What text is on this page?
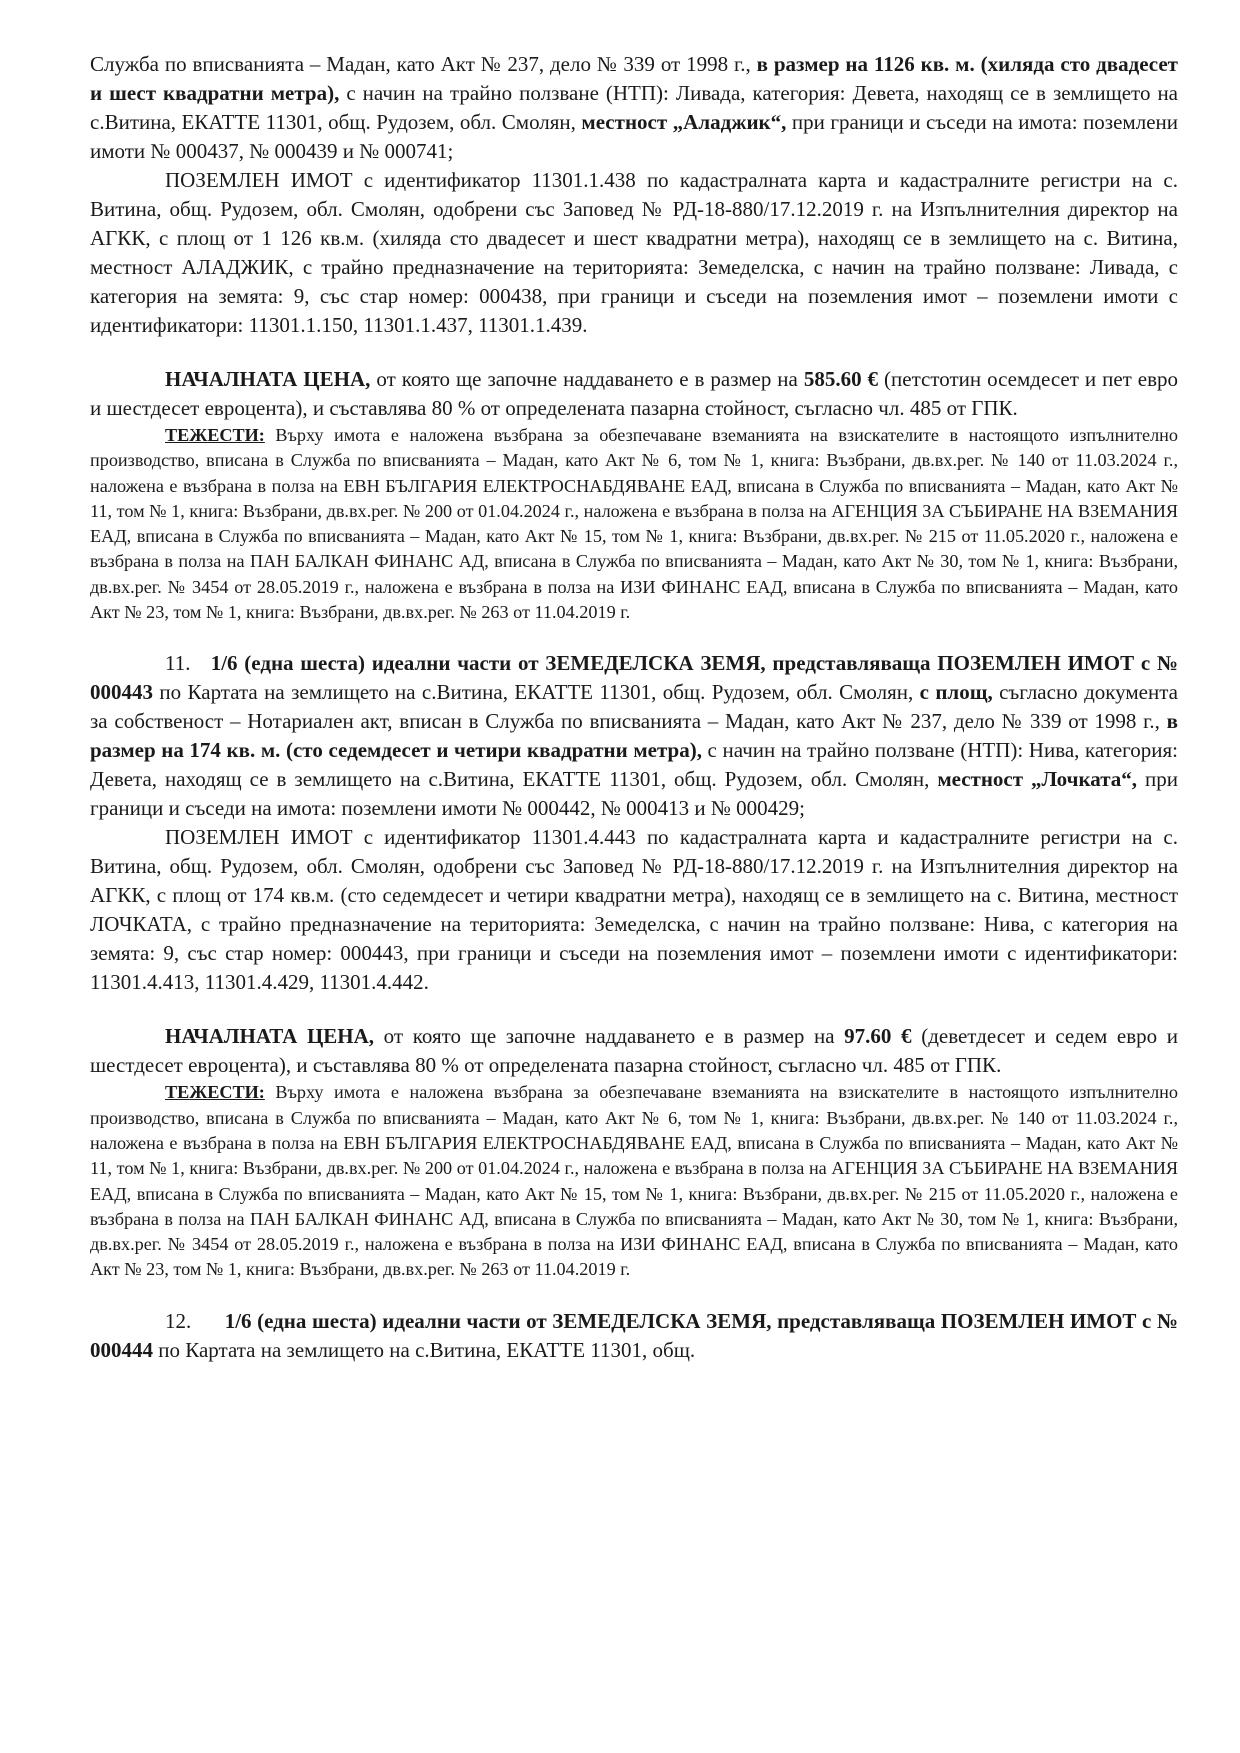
Служба по вписванията – Мадан, като Акт № 237, дело № 339 от 1998 г., в размер на 1126 кв. м. (хиляда сто двадесет и шест квадратни метра), с начин на трайно ползване (НТП): Ливада, категория: Девета, находящ се в землището на с.Витина, ЕКАТТЕ 11301, общ. Рудозем, обл. Смолян, местност „Аладжик“, при граници и съседи на имота: поземлени имоти № 000437, № 000439 и № 000741;

ПОЗЕМЛЕН ИМОТ с идентификатор 11301.1.438 по кадастралната карта и кадастралните регистри на с. Витина, общ. Рудозем, обл. Смолян, одобрени със Заповед № РД-18-880/17.12.2019 г. на Изпълнителния директор на АГКК, с площ от 1 126 кв.м. (хиляда сто двадесет и шест квадратни метра), находящ се в землището на с. Витина, местност АЛАДЖИК, с трайно предназначение на територията: Земеделска, с начин на трайно ползване: Ливада, с категория на земята: 9, със стар номер: 000438, при граници и съседи на поземления имот – поземлени имоти с идентификатори: 11301.1.150, 11301.1.437, 11301.1.439.

НАЧАЛНАТА ЦЕНА, от която ще започне наддаването е в размер на 585.60 € (петстотин осемдесет и пет евро и шестдесет евроцента), и съставлява 80 % от определената пазарна стойност, съгласно чл. 485 от ГПК.

ТЕЖЕСТИ: Върху имота е наложена възбрана за обезпечаване вземанията на взискателите в настоящото изпълнително производство, вписана в Служба по вписванията – Мадан, като Акт № 6, том № 1, книга: Възбрани, дв.вх.рег. № 140 от 11.03.2024 г., наложена е възбрана в полза на ЕВН БЪЛГАРИЯ ЕЛЕКТРОСНАБДЯВАНЕ ЕАД, вписана в Служба по вписванията – Мадан, като Акт № 11, том № 1, книга: Възбрани, дв.вх.рег. № 200 от 01.04.2024 г., наложена е възбрана в полза на АГЕНЦИЯ ЗА СЪБИРАНЕ НА ВЗЕМАНИЯ ЕАД, вписана в Служба по вписванията – Мадан, като Акт № 15, том № 1, книга: Възбрани, дв.вх.рег. № 215 от 11.05.2020 г., наложена е възбрана в полза на ПАН БАЛКАН ФИНАНС АД, вписана в Служба по вписванията – Мадан, като Акт № 30, том № 1, книга: Възбрани, дв.вх.рег. № 3454 от 28.05.2019 г., наложена е възбрана в полза на ИЗИ ФИНАНС ЕАД, вписана в Служба по вписванията – Мадан, като Акт № 23, том № 1, книга: Възбрани, дв.вх.рег. № 263 от 11.04.2019 г.

11. 1/6 (една шеста) идеални части от ЗЕМЕДЕЛСКА ЗЕМЯ, представляваща ПОЗЕМЛЕН ИМОТ с № 000443 по Картата на землището на с.Витина, ЕКАТТЕ 11301, общ. Рудозем, обл. Смолян, с площ, съгласно документа за собственост – Нотариален акт, вписан в Служба по вписванията – Мадан, като Акт № 237, дело № 339 от 1998 г., в размер на 174 кв. м. (сто седемдесет и четири квадратни метра), с начин на трайно ползване (НТП): Нива, категория: Девета, находящ се в землището на с.Витина, ЕКАТТЕ 11301, общ. Рудозем, обл. Смолян, местност „Лочката“, при граници и съседи на имота: поземлени имоти № 000442, № 000413 и № 000429;

ПОЗЕМЛЕН ИМОТ с идентификатор 11301.4.443 по кадастралната карта и кадастралните регистри на с. Витина, общ. Рудозем, обл. Смолян, одобрени със Заповед № РД-18-880/17.12.2019 г. на Изпълнителния директор на АГКК, с площ от 174 кв.м. (сто седемдесет и четири квадратни метра), находящ се в землището на с. Витина, местност ЛОЧКАТА, с трайно предназначение на територията: Земеделска, с начин на трайно ползване: Нива, с категория на земята: 9, със стар номер: 000443, при граници и съседи на поземления имот – поземлени имоти с идентификатори: 11301.4.413, 11301.4.429, 11301.4.442.

НАЧАЛНАТА ЦЕНА, от която ще започне наддаването е в размер на 97.60 € (деветдесет и седем евро и шестдесет евроцента), и съставлява 80 % от определената пазарна стойност, съгласно чл. 485 от ГПК.

ТЕЖЕСТИ: Върху имота е наложена възбрана за обезпечаване вземанията на взискателите в настоящото изпълнително производство, вписана в Служба по вписванията – Мадан, като Акт № 6, том № 1, книга: Възбрани, дв.вх.рег. № 140 от 11.03.2024 г., наложена е възбрана в полза на ЕВН БЪЛГАРИЯ ЕЛЕКТРОСНАБДЯВАНЕ ЕАД, вписана в Служба по вписванията – Мадан, като Акт № 11, том № 1, книга: Възбрани, дв.вх.рег. № 200 от 01.04.2024 г., наложена е възбрана в полза на АГЕНЦИЯ ЗА СЪБИРАНЕ НА ВЗЕМАНИЯ ЕАД, вписана в Служба по вписванията – Мадан, като Акт № 15, том № 1, книга: Възбрани, дв.вх.рег. № 215 от 11.05.2020 г., наложена е възбрана в полза на ПАН БАЛКАН ФИНАНС АД, вписана в Служба по вписванията – Мадан, като Акт № 30, том № 1, книга: Възбрани, дв.вх.рег. № 3454 от 28.05.2019 г., наложена е възбрана в полза на ИЗИ ФИНАНС ЕАД, вписана в Служба по вписванията – Мадан, като Акт № 23, том № 1, книга: Възбрани, дв.вх.рег. № 263 от 11.04.2019 г.

12. 1/6 (една шеста) идеални части от ЗЕМЕДЕЛСКА ЗЕМЯ, представляваща ПОЗЕМЛЕН ИМОТ с № 000444 по Картата на землището на с.Витина, ЕКАТТЕ 11301, общ.
